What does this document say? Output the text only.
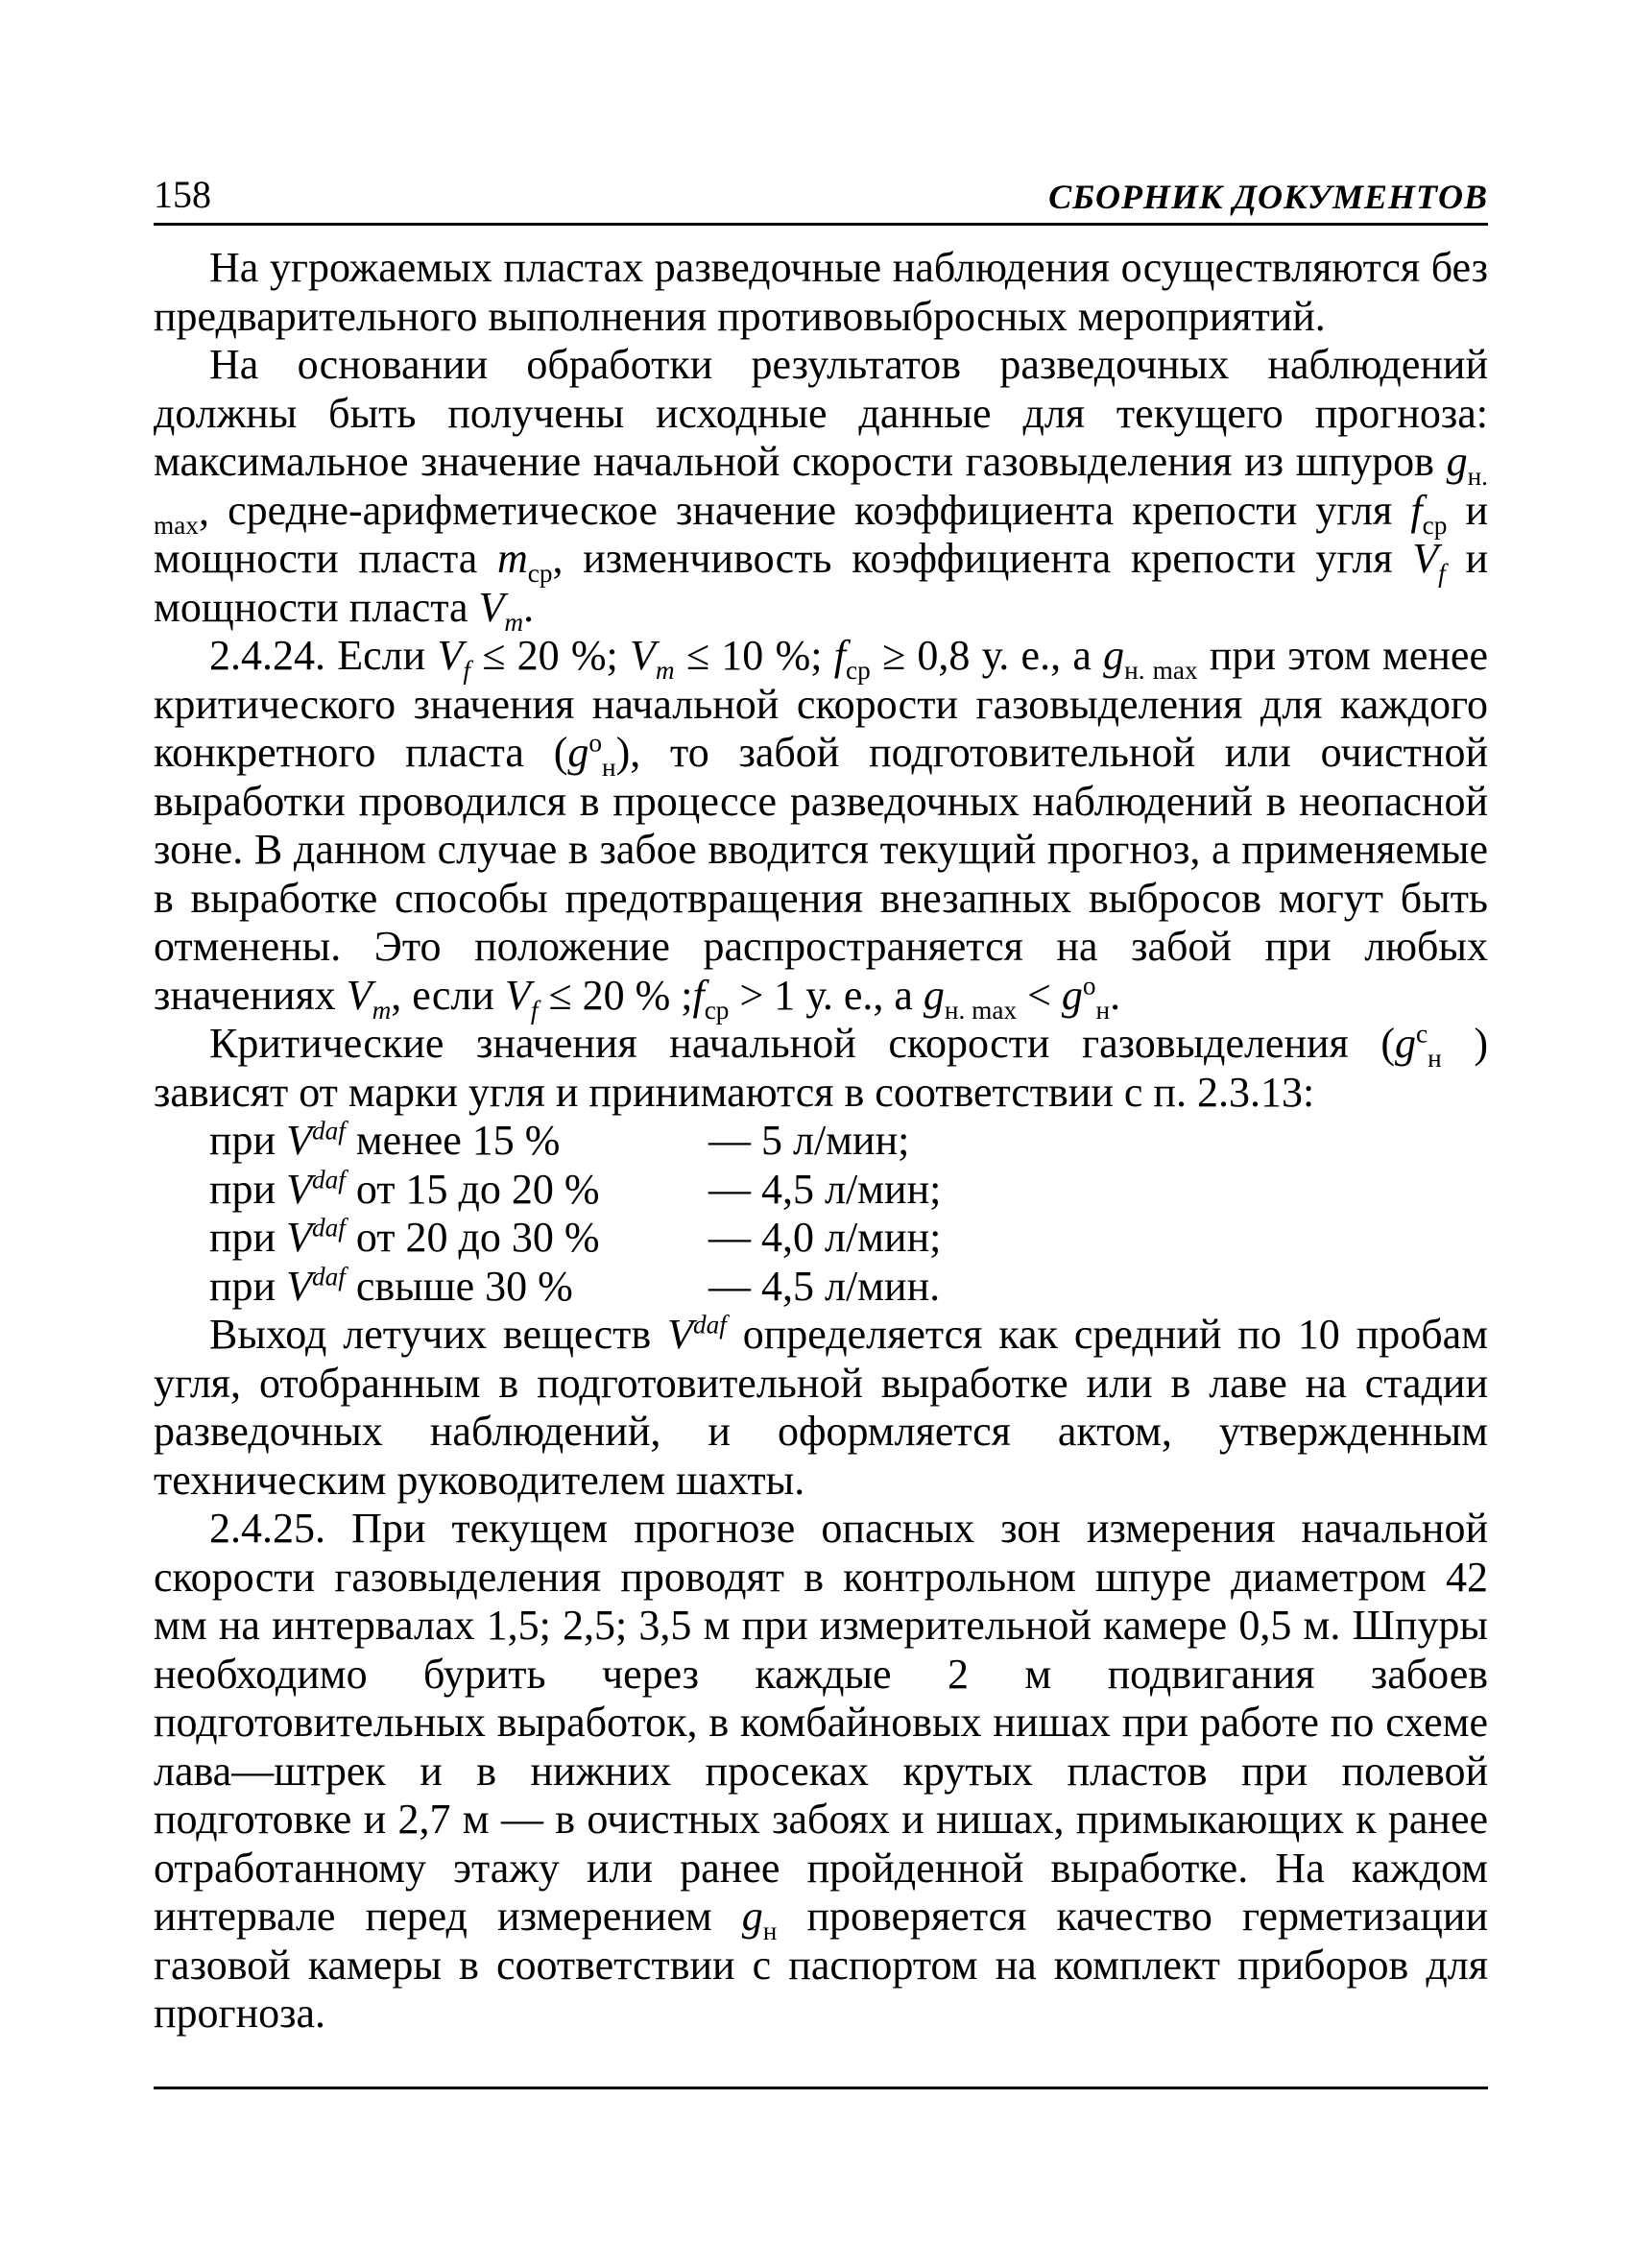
158	СБОРНИК ДОКУМЕНТОВ

На угрожаемых пластах разведочные наблюдения осуществляются без предварительного выполнения противовыбросных мероприятий.

На основании обработки результатов разведочных наблюдений должны быть получены исходные данные для текущего прогноза: максимальное значение начальной скорости газовыделения из шпуров $g_{н. max}$, средне-арифметическое значение коэффициента крепости угля $f_{ср}$ и мощности пласта $m_{ср}$, изменчивость коэффициента крепости угля $V_f$ и мощности пласта $V_m$.

2.4.24. Если $V_f \le 20$ %; $V_m \le 10$ %; $f_{ср} \ge 0,8$ у. е., а $g_{н. max}$ при этом менее критического значения начальной скорости газовыделения для каждого конкретного пласта $(g^о_н)$, то забой подготовительной или очистной выработки проводился в процессе разведочных наблюдений в неопасной зоне. В данном случае в забое вводится текущий прогноз, а применяемые в выработке способы предотвращения внезапных выбросов могут быть отменены. Это положение распространяется на забой при любых значениях $V_m$, если $V_f \le 20$ % $;f_{ср} > 1$ у. е., а $g_{н. max} < g^о_н$.

Критические значения начальной скорости газовыделения ($g^с_н$ ) зависят от марки угля и принимаются в соответствии с п. 2.3.13:

при $V^{daf}$ менее 15 %	— 5 л/мин;
при $V^{daf}$ от 15 до 20 %	— 4,5 л/мин;
при $V^{daf}$ от 20 до 30 %	— 4,0 л/мин;
при $V^{daf}$ свыше 30 %	— 4,5 л/мин.

Выход летучих веществ $V^{daf}$ определяется как средний по 10 пробам угля, отобранным в подготовительной выработке или в лаве на стадии разведочных наблюдений, и оформляется актом, утвержденным техническим руководителем шахты.

2.4.25. При текущем прогнозе опасных зон измерения начальной скорости газовыделения проводят в контрольном шпуре диаметром 42 мм на интервалах 1,5; 2,5; 3,5 м при измерительной камере 0,5 м. Шпуры необходимо бурить через каждые 2 м подвигания забоев подготовительных выработок, в комбайновых нишах при работе по схеме лава—штрек и в нижних просеках крутых пластов при полевой подготовке и 2,7 м — в очистных забоях и нишах, примыкающих к ранее отработанному этажу или ранее пройденной выработке. На каждом интервале перед измерением $g_н$ проверяется качество герметизации газовой камеры в соответствии с паспортом на комплект приборов для прогноза.
